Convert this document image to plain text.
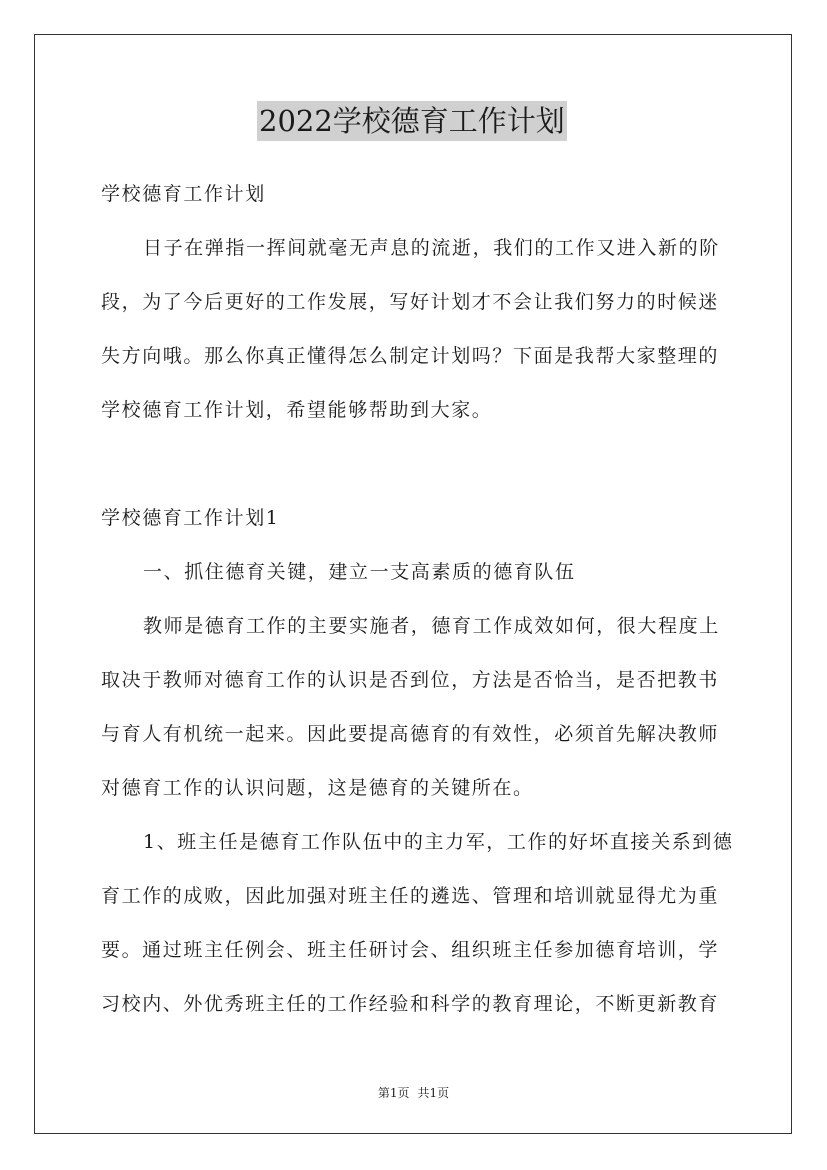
2022学校德育工作计划
学校德育工作计划
日子在弹指一挥间就毫无声息的流逝，我们的工作又进入新的阶
段，为了今后更好的工作发展，写好计划才不会让我们努力的时候迷
失方向哦。那么你真正懂得怎么制定计划吗？下面是我帮大家整理的
学校德育工作计划，希望能够帮助到大家。
学校德育工作计划1
一、抓住德育关键，建立一支高素质的德育队伍
教师是德育工作的主要实施者，德育工作成效如何，很大程度上
取决于教师对德育工作的认识是否到位，方法是否恰当，是否把教书
与育人有机统一起来。因此要提高德育的有效性，必须首先解决教师
对德育工作的认识问题，这是德育的关键所在。
1、班主任是德育工作队伍中的主力军，工作的好坏直接关系到德
育工作的成败，因此加强对班主任的遴选、管理和培训就显得尤为重
要。通过班主任例会、班主任研讨会、组织班主任参加德育培训，学
习校内、外优秀班主任的工作经验和科学的教育理论，不断更新教育
第1页 共1页
